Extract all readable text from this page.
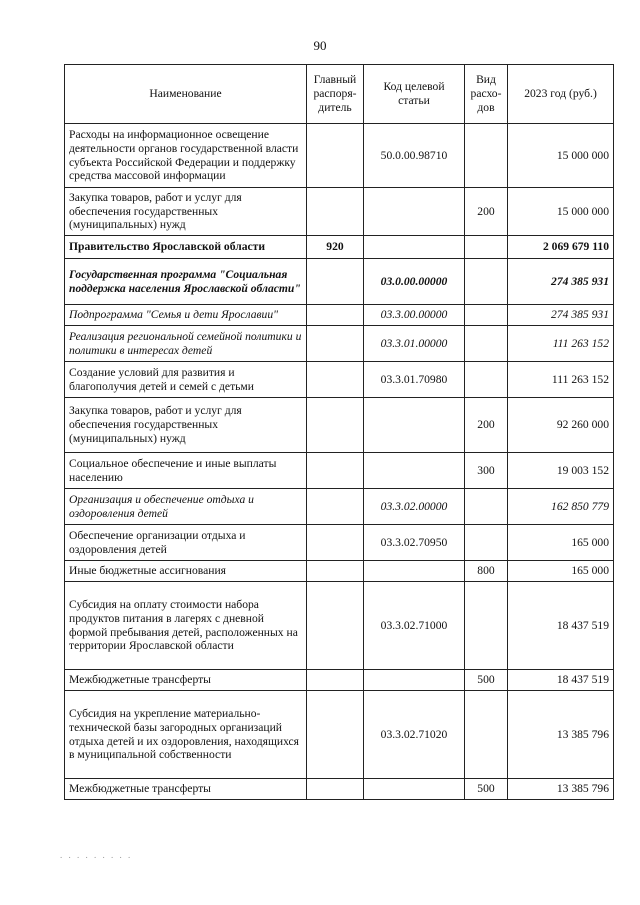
90
Наименование	Главный распоря-дитель	Код целевой статьи	Вид расхо-дов	2023 год (руб.)
Расходы на информационное освещение деятельности органов государственной власти субъекта Российской Федерации и поддержку средства массовой информации		50.0.00.98710		15 000 000
Закупка товаров, работ и услуг для обеспечения государственных (муниципальных) нужд			200	15 000 000
Правительство Ярославской области	920			2 069 679 110
Государственная программа "Социальная поддержка населения Ярославской области"		03.0.00.00000		274 385 931
Подпрограмма "Семья и дети Ярославии"		03.3.00.00000		274 385 931
Реализация региональной семейной политики и политики в интересах детей		03.3.01.00000		111 263 152
Создание условий для развития и благополучия детей и семей с детьми		03.3.01.70980		111 263 152
Закупка товаров, работ и услуг для обеспечения государственных (муниципальных) нужд			200	92 260 000
Социальное обеспечение и иные выплаты населению			300	19 003 152
Организация и обеспечение отдыха и оздоровления детей		03.3.02.00000		162 850 779
Обеспечение организации отдыха и оздоровления детей		03.3.02.70950		165 000
Иные бюджетные ассигнования			800	165 000
Субсидия на оплату стоимости набора продуктов питания в лагерях с дневной формой пребывания детей, расположенных на территории Ярославской области		03.3.02.71000		18 437 519
Межбюджетные трансферты			500	18 437 519
Субсидия на укрепление материально-технической базы загородных организаций отдыха детей и их оздоровления, находящихся в муниципальной собственности		03.3.02.71020		13 385 796
Межбюджетные трансферты			500	13 385 796
. . . . . . . . .
